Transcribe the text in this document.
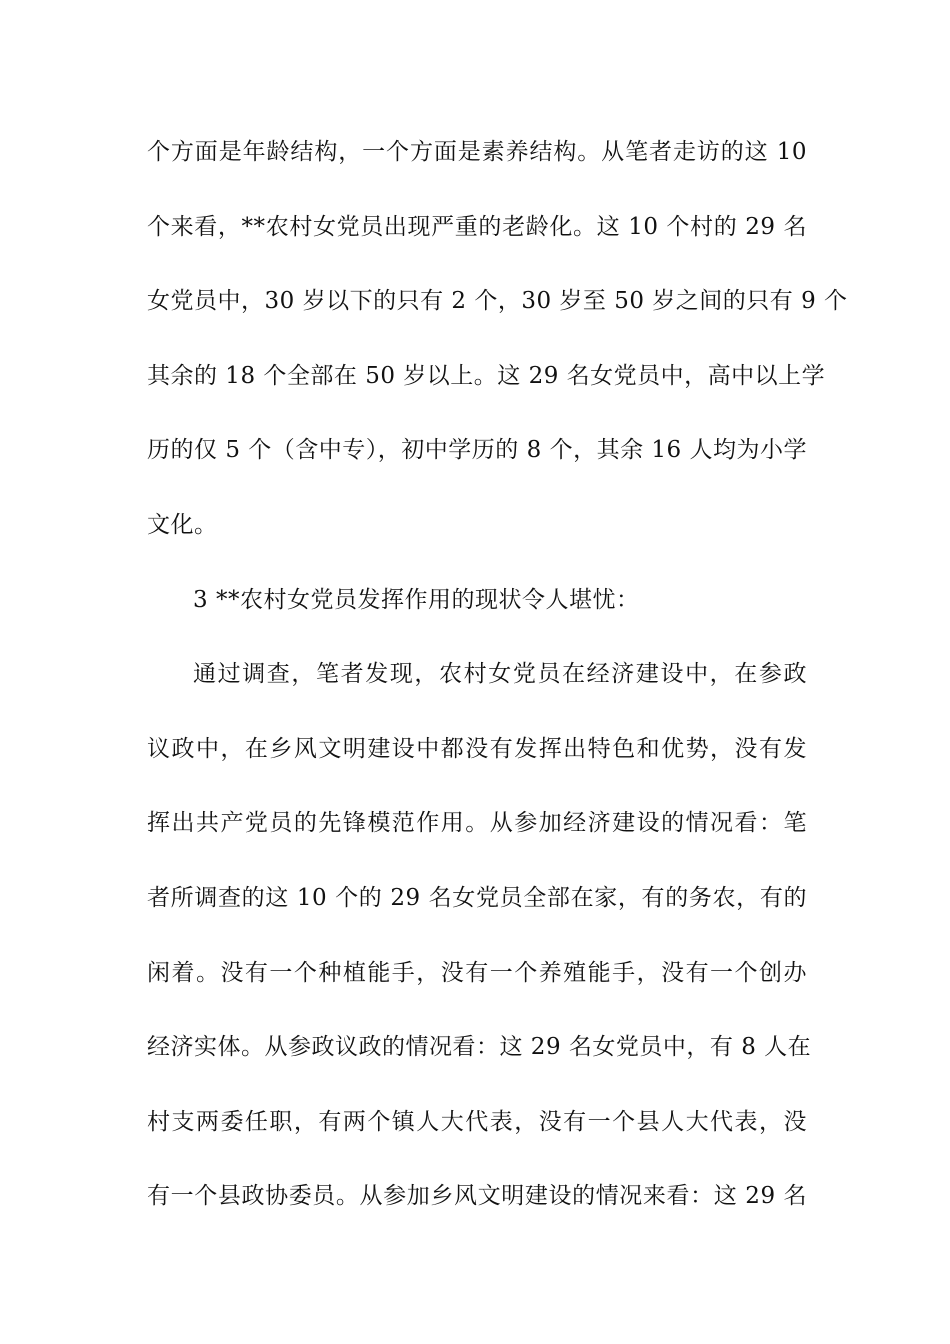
个方面是年龄结构，一个方面是素养结构。从笔者走访的这 10
个来看，**农村女党员出现严重的老龄化。这 10 个村的 29 名
女党员中，30 岁以下的只有 2 个，30 岁至 50 岁之间的只有 9 个
其余的 18 个全部在 50 岁以上。这 29 名女党员中，高中以上学
历的仅 5 个（含中专），初中学历的 8 个，其余 16 人均为小学
文化。
3 **农村女党员发挥作用的现状令人堪忧：
通过调查，笔者发现，农村女党员在经济建设中，在参政
议政中，在乡风文明建设中都没有发挥出特色和优势，没有发
挥出共产党员的先锋模范作用。从参加经济建设的情况看：笔
者所调查的这 10 个的 29 名女党员全部在家，有的务农，有的
闲着。没有一个种植能手，没有一个养殖能手，没有一个创办
经济实体。从参政议政的情况看：这 29 名女党员中，有 8 人在
村支两委任职，有两个镇人大代表，没有一个县人大代表，没
有一个县政协委员。从参加乡风文明建设的情况来看：这 29 名
